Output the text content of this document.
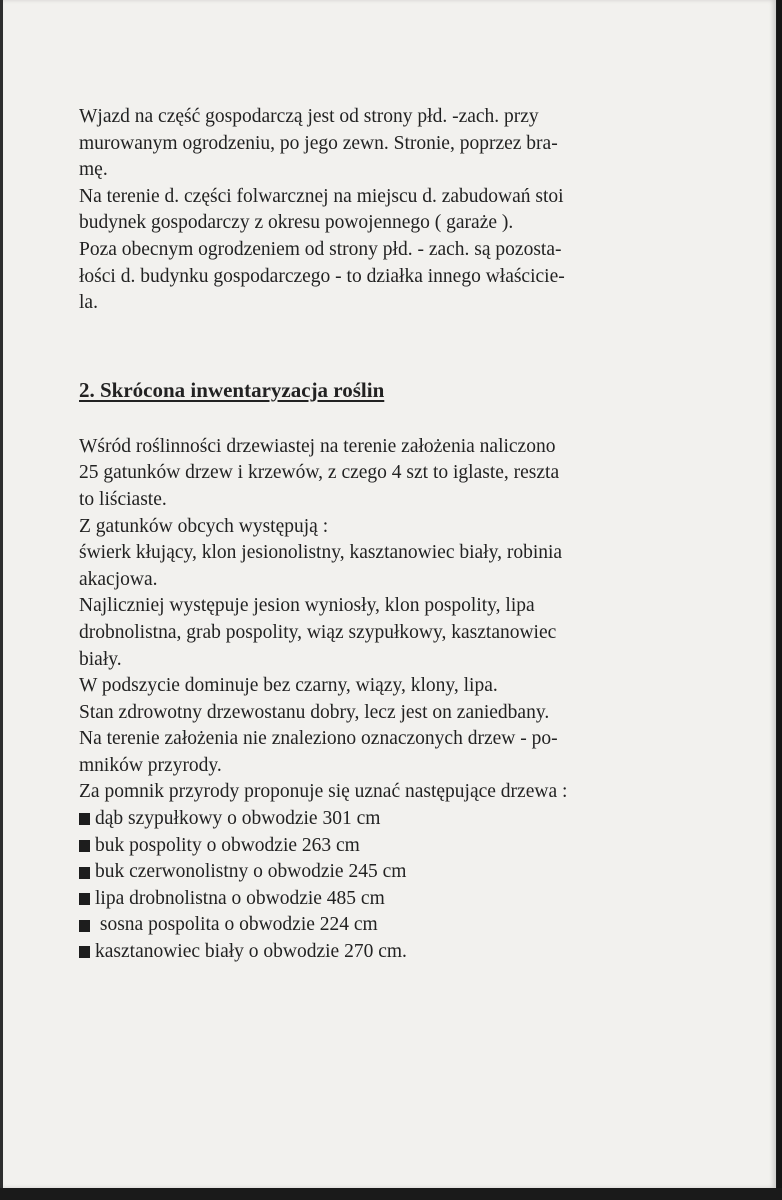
Wjazd na część gospodarczą jest od strony płd. -zach. przy

murowanym ogrodzeniu, po jego zewn. Stronie, poprzez bra-

mę.

Na terenie d. części folwarcznej na miejscu d. zabudowań stoi

budynek gospodarczy z okresu powojennego ( garaże ).

Poza obecnym ogrodzeniem od strony płd. - zach. są pozosta-

łości d. budynku gospodarczego - to działka innego właścicie-

la.

2. Skrócona inwentaryzacja roślin

Wśród roślinności drzewiastej na terenie założenia naliczono

25 gatunków drzew i krzewów, z czego 4 szt to iglaste, reszta

to liściaste.

Z gatunków obcych występują :

świerk kłujący, klon jesionolistny, kasztanowiec biały, robinia

akacjowa.

Najliczniej występuje jesion wyniosły, klon pospolity, lipa

drobnolistna, grab pospolity, wiąz szypułkowy, kasztanowiec

biały.

W podszycie dominuje bez czarny, wiązy, klony, lipa.

Stan zdrowotny drzewostanu dobry, lecz jest on zaniedbany.

Na terenie założenia nie znaleziono oznaczonych drzew - po-

mników przyrody.

Za pomnik przyrody proponuje się uznać następujące drzewa :

dąb szypułkowy o obwodzie 301 cm
buk pospolity o obwodzie 263 cm
buk czerwonolistny o obwodzie 245 cm
lipa drobnolistna o obwodzie 485 cm
sosna pospolita o obwodzie 224 cm
kasztanowiec biały o obwodzie 270 cm.
